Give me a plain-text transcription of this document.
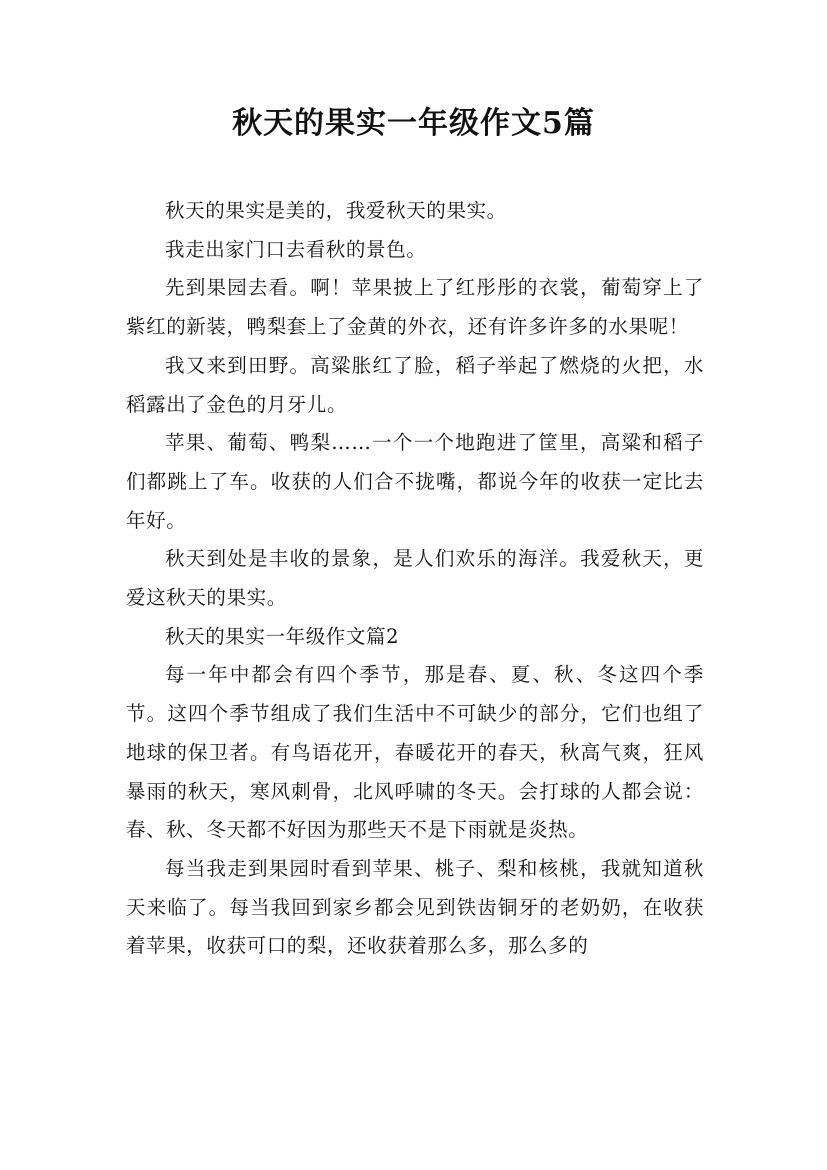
秋天的果实一年级作文5篇

秋天的果实是美的，我爱秋天的果实。

我走出家门口去看秋的景色。

先到果园去看。啊！苹果披上了红彤彤的衣裳，葡萄穿上了紫红的新装，鸭梨套上了金黄的外衣，还有许多许多的水果呢！

我又来到田野。高粱胀红了脸，稻子举起了燃烧的火把，水稻露出了金色的月牙儿。

苹果、葡萄、鸭梨……一个一个地跑进了筐里，高粱和稻子们都跳上了车。收获的人们合不拢嘴，都说今年的收获一定比去年好。

秋天到处是丰收的景象，是人们欢乐的海洋。我爱秋天，更爱这秋天的果实。

秋天的果实一年级作文篇2

每一年中都会有四个季节，那是春、夏、秋、冬这四个季节。这四个季节组成了我们生活中不可缺少的部分，它们也组了地球的保卫者。有鸟语花开，春暖花开的春天，秋高气爽，狂风暴雨的秋天，寒风刺骨，北风呼啸的冬天。会打球的人都会说：春、秋、冬天都不好因为那些天不是下雨就是炎热。

每当我走到果园时看到苹果、桃子、梨和核桃，我就知道秋天来临了。每当我回到家乡都会见到铁齿铜牙的老奶奶，在收获着苹果，收获可口的梨，还收获着那么多，那么多的
